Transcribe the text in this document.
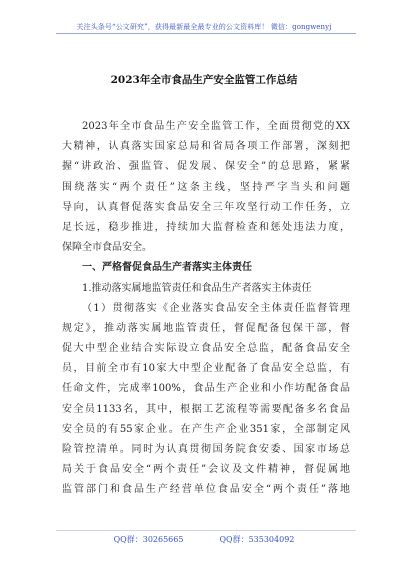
关注头条号“公文研究”，获得最新最全最专业的公文资料库！ 微信：gongwenyj
2023年全市食品生产安全监管工作总结
2023年全市食品生产安全监管工作，全面贯彻党的XX
大精神，认真落实国家总局和省局各项工作部署，深刻把
握“讲政治、强监管、促发展、保安全”的总思路，紧紧
围绕落实“两个责任”这条主线，坚持严字当头和问题
导向，认真督促落实食品安全三年攻坚行动工作任务，立
足长远，稳步推进，持续加大监督检查和惩处违法力度，
保障全市食品安全。
一、严格督促食品生产者落实主体责任
1.推动落实属地监管责任和食品生产者落实主体责任
（1）贯彻落实《企业落实食品安全主体责任监督管理
规定》，推动落实属地监管责任，督促配备包保干部，督
促大中型企业结合实际设立食品安全总监，配备食品安全
员，目前全市有10家大中型企业配备了食品安全总监，有
任命文件，完成率100%，食品生产企业和小作坊配备食品
安全员1133名，其中，根据工艺流程等需要配备多名食品
安全员的有55家企业。在产生产企业351家，全部制定风
险管控清单。同时为认真贯彻国务院食安委、国家市场总
局关于食品安全“两个责任”会议及文件精神，督促属地
监管部门和食品生产经营单位食品安全“两个责任”落地
QQ群：30265665	QQ群：535304092
